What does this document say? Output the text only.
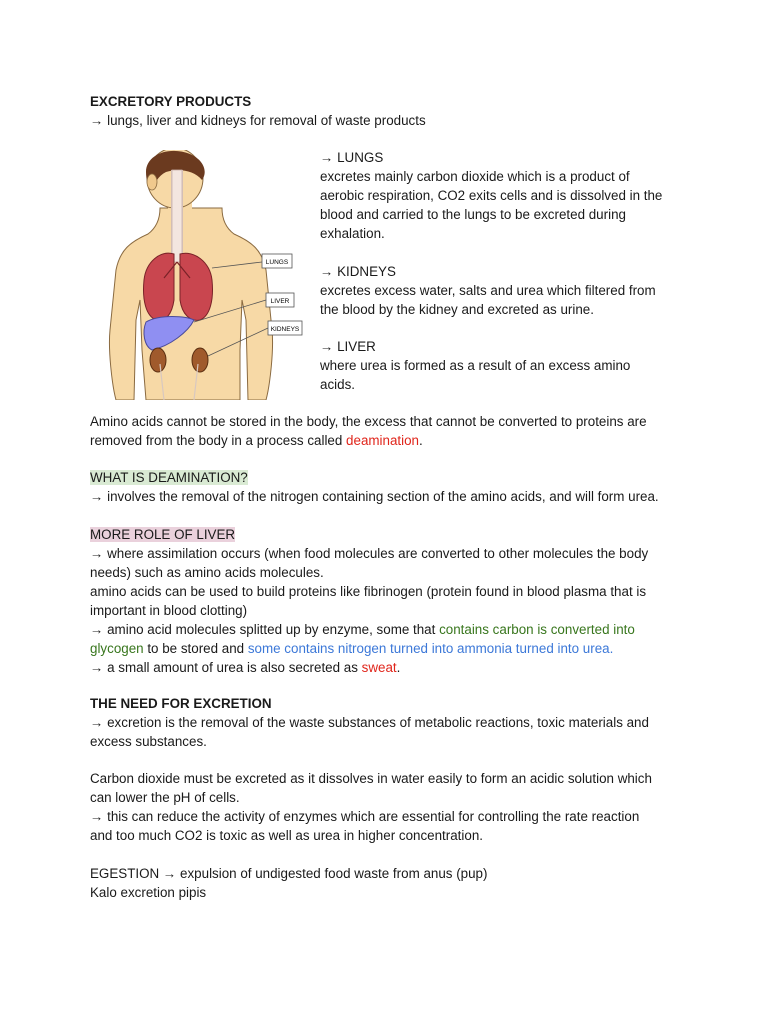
EXCRETORY PRODUCTS
→ lungs, liver and kidneys for removal of waste products
LUNGS
LIVER
KIDNEYS
→ LUNGS
excretes mainly carbon dioxide which is a product of
aerobic respiration, CO2 exits cells and is dissolved in the
blood and carried to the lungs to be excreted during
exhalation.
→ KIDNEYS
excretes excess water, salts and urea which filtered from
the blood by the kidney and excreted as urine.
→ LIVER
where urea is formed as a result of an excess amino
acids.
Amino acids cannot be stored in the body, the excess that cannot be converted to proteins are
removed from the body in a process called deamination.
WHAT IS DEAMINATION?
→ involves the removal of the nitrogen containing section of the amino acids, and will form urea.
MORE ROLE OF LIVER
→ where assimilation occurs (when food molecules are converted to other molecules the body
needs) such as amino acids molecules.
amino acids can be used to build proteins like fibrinogen (protein found in blood plasma that is
important in blood clotting)
→ amino acid molecules splitted up by enzyme, some that contains carbon is converted into
glycogen to be stored and some contains nitrogen turned into ammonia turned into urea.
→ a small amount of urea is also secreted as sweat.
THE NEED FOR EXCRETION
→ excretion is the removal of the waste substances of metabolic reactions, toxic materials and
excess substances.
Carbon dioxide must be excreted as it dissolves in water easily to form an acidic solution which
can lower the pH of cells.
→ this can reduce the activity of enzymes which are essential for controlling the rate reaction
and too much CO2 is toxic as well as urea in higher concentration.
EGESTION → expulsion of undigested food waste from anus (pup)
Kalo excretion pipis
